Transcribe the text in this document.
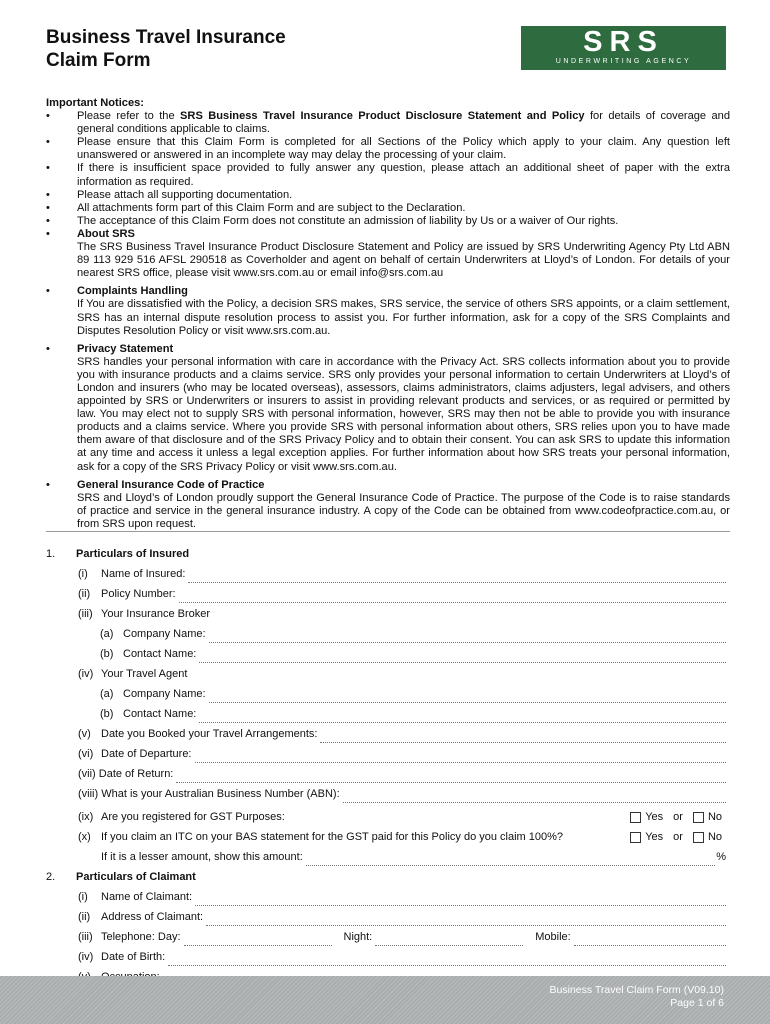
Business Travel Insurance
Claim Form
SRS
UNDERWRITING AGENCY
Important Notices:
• Please refer to the SRS Business Travel Insurance Product Disclosure Statement and Policy for details of coverage and general conditions applicable to claims.
• Please ensure that this Claim Form is completed for all Sections of the Policy which apply to your claim. Any question left unanswered or answered in an incomplete way may delay the processing of your claim.
• If there is insufficient space provided to fully answer any question, please attach an additional sheet of paper with the extra information as required.
• Please attach all supporting documentation.
• All attachments form part of this Claim Form and are subject to the Declaration.
• The acceptance of this Claim Form does not constitute an admission of liability by Us or a waiver of Our rights.
• About SRS
The SRS Business Travel Insurance Product Disclosure Statement and Policy are issued by SRS Underwriting Agency Pty Ltd ABN 89 113 929 516 AFSL 290518 as Coverholder and agent on behalf of certain Underwriters at Lloyd’s of London. For details of your nearest SRS office, please visit www.srs.com.au or email info@srs.com.au
• Complaints Handling
If You are dissatisfied with the Policy, a decision SRS makes, SRS service, the service of others SRS appoints, or a claim settlement, SRS has an internal dispute resolution process to assist you. For further information, ask for a copy of the SRS Complaints and Disputes Resolution Policy or visit www.srs.com.au.
• Privacy Statement
SRS handles your personal information with care in accordance with the Privacy Act. SRS collects information about you to provide you with insurance products and a claims service. SRS only provides your personal information to certain Underwriters at Lloyd’s of London and insurers (who may be located overseas), assessors, claims administrators, claims adjusters, legal advisers, and others appointed by SRS or Underwriters or insurers to assist in providing relevant products and services, or as required or permitted by law. You may elect not to supply SRS with personal information, however, SRS may then not be able to provide you with insurance products and a claims service. Where you provide SRS with personal information about others, SRS relies upon you to have made them aware of that disclosure and of the SRS Privacy Policy and to obtain their consent. You can ask SRS to update this information at any time and access it unless a legal exception applies. For further information about how SRS treats your personal information, ask for a copy of the SRS Privacy Policy or visit www.srs.com.au.
• General Insurance Code of Practice
SRS and Lloyd’s of London proudly support the General Insurance Code of Practice. The purpose of the Code is to raise standards of practice and service in the general insurance industry. A copy of the Code can be obtained from www.codeofpractice.com.au, or from SRS upon request.
1.	Particulars of Insured
(i)	Name of Insured:
(ii) Policy Number:
(iii) Your Insurance Broker
(a) Company Name:
(b) Contact Name:
(iv) Your Travel Agent
(a) Company Name:
(b) Contact Name:
(v) Date you Booked your Travel Arrangements:
(vi) Date of Departure:
(vii) Date of Return:
(viii) What is your Australian Business Number (ABN):
(ix) Are you registered for GST Purposes:	Yes or No
(x) If you claim an ITC on your BAS statement for the GST paid for this Policy do you claim 100%?	Yes or No
If it is a lesser amount, show this amount:	%
2.	Particulars of Claimant
(i)	Name of Claimant:
(ii) Address of Claimant:
(iii) Telephone: Day:	Night:	Mobile:
(iv) Date of Birth:
Business Travel Claim Form (V09.10)
Page 1 of 6
